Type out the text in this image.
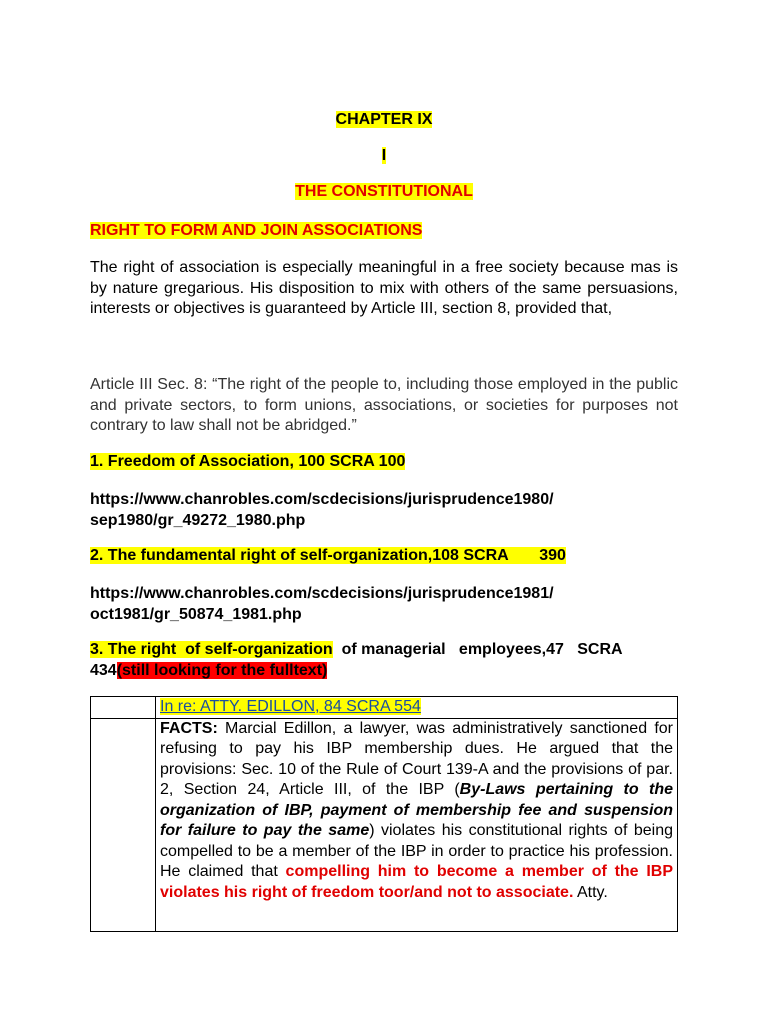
CHAPTER IX
I
THE CONSTITUTIONAL
RIGHT TO FORM AND JOIN ASSOCIATIONS
The right of association is especially meaningful in a free society because mas is by nature gregarious. His disposition to mix with others of the same persuasions, interests or objectives is guaranteed by Article III, section 8, provided that,
Article III Sec. 8: “The right of the people to, including those employed in the public and private sectors, to form unions, associations, or societies for purposes not contrary to law shall not be abridged.”
1. Freedom of Association, 100 SCRA 100
https://www.chanrobles.com/scdecisions/jurisprudence1980/
sep1980/gr_49272_1980.php
2. The fundamental right of self-organization,108 SCRA       390
https://www.chanrobles.com/scdecisions/jurisprudence1981/
oct1981/gr_50874_1981.php
3. The right  of self-organization  of managerial   employees,47   SCRA
434(still looking for the fulltext)
	In re: ATTY. EDILLON, 84 SCRA 554
	FACTS: Marcial Edillon, a lawyer, was administratively sanctioned for refusing to pay his IBP membership dues. He argued that the provisions: Sec. 10 of the Rule of Court 139-A and the provisions of par. 2, Section 24, Article III, of the IBP (By-Laws pertaining to the organization of IBP, payment of membership fee and suspension for failure to pay the same) violates his constitutional rights of being compelled to be a member of the IBP in order to practice his profession. He claimed that compelling him to become a member of the IBP violates his right of freedom toor/and not to associate. Atty.
